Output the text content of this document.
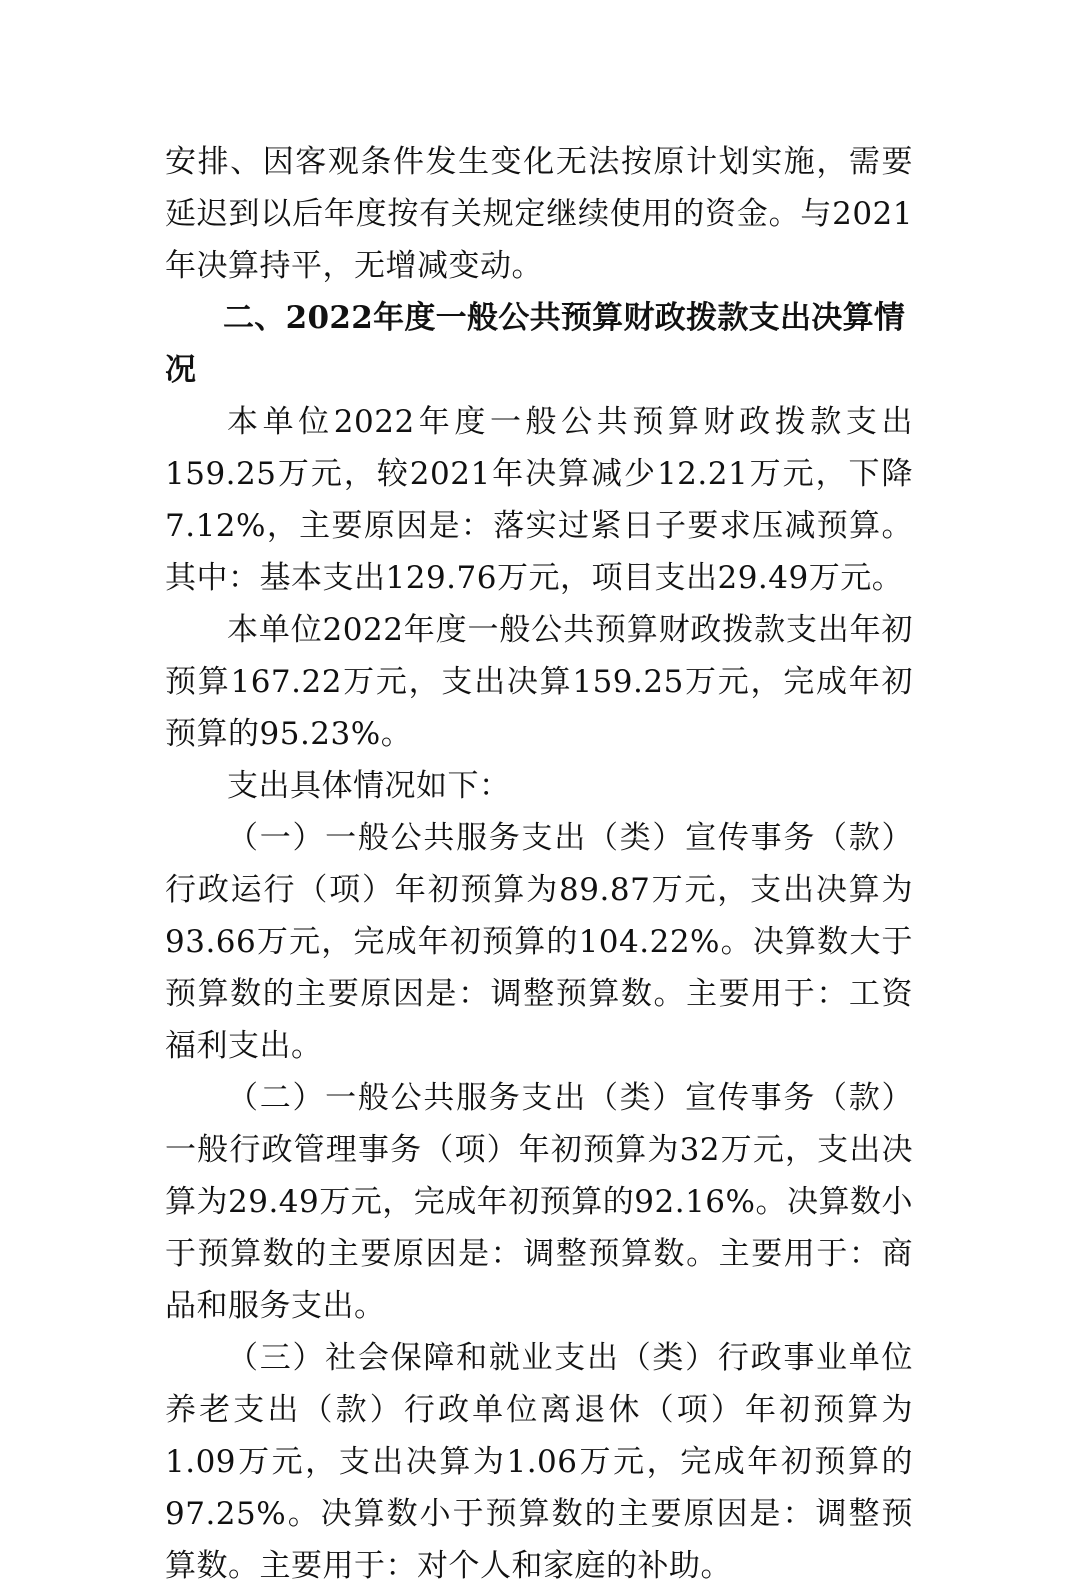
安排、因客观条件发生变化无法按原计划实施，需要延迟到以后年度按有关规定继续使用的资金。与2021年决算持平，无增减变动。

二、2022年度一般公共预算财政拨款支出决算情况

本单位2022年度一般公共预算财政拨款支出159.25万元，较2021年决算减少12.21万元，下降7.12%，主要原因是：落实过紧日子要求压减预算。其中：基本支出129.76万元，项目支出29.49万元。

本单位2022年度一般公共预算财政拨款支出年初预算167.22万元，支出决算159.25万元，完成年初预算的95.23%。

支出具体情况如下：

（一）一般公共服务支出（类）宣传事务（款）行政运行（项）年初预算为89.87万元，支出决算为93.66万元，完成年初预算的104.22%。决算数大于预算数的主要原因是：调整预算数。主要用于：工资福利支出。

（二）一般公共服务支出（类）宣传事务（款）一般行政管理事务（项）年初预算为32万元，支出决算为29.49万元，完成年初预算的92.16%。决算数小于预算数的主要原因是：调整预算数。主要用于：商品和服务支出。

（三）社会保障和就业支出（类）行政事业单位养老支出（款）行政单位离退休（项）年初预算为1.09万元，支出决算为1.06万元，完成年初预算的97.25%。决算数小于预算数的主要原因是：调整预算数。主要用于：对个人和家庭的补助。
